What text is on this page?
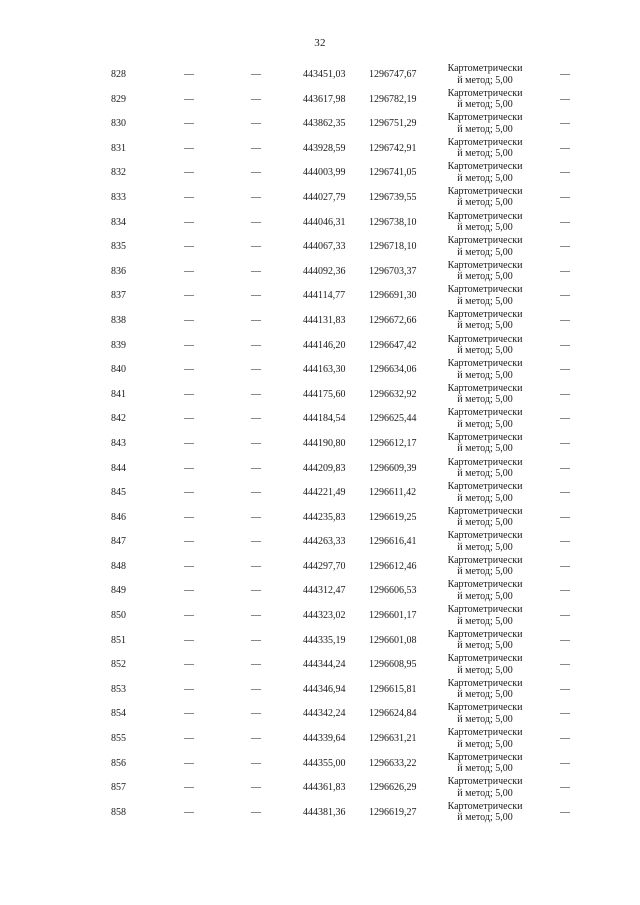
32
828	—	—	443451,03 1296747,67
Картометрически
й метод; 5,00	—
829	—	—	443617,98 1296782,19
Картометрически
й метод; 5,00	—
830	—	—	443862,35 1296751,29
Картометрически
й метод; 5,00	—
831	—	—	443928,59 1296742,91
Картометрически
й метод; 5,00	—
832	—	—	444003,99 1296741,05
Картометрически
й метод; 5,00	—
833	—	—	444027,79 1296739,55
Картометрически
й метод; 5,00	—
834	—	—	444046,31 1296738,10
Картометрически
й метод; 5,00	—
835	—	—	444067,33 1296718,10
Картометрически
й метод; 5,00	—
836	—	—	444092,36 1296703,37
Картометрически
й метод; 5,00	—
837	—	—	444114,77 1296691,30
Картометрически
й метод; 5,00	—
838	—	—	444131,83 1296672,66
Картометрически
й метод; 5,00	—
839	—	—	444146,20 1296647,42
Картометрически
й метод; 5,00	—
840	—	—	444163,30 1296634,06
Картометрически
й метод; 5,00	—
841	—	—	444175,60 1296632,92
Картометрически
й метод; 5,00	—
842	—	—	444184,54 1296625,44
Картометрически
й метод; 5,00	—
843	—	—	444190,80 1296612,17
Картометрически
й метод; 5,00	—
844	—	—	444209,83 1296609,39
Картометрически
й метод; 5,00	—
845	—	—	444221,49 1296611,42
Картометрически
й метод; 5,00	—
846	—	—	444235,83 1296619,25
Картометрически
й метод; 5,00	—
847	—	—	444263,33 1296616,41
Картометрически
й метод; 5,00	—
848	—	—	444297,70 1296612,46
Картометрически
й метод; 5,00	—
849	—	—	444312,47 1296606,53
Картометрически
й метод; 5,00	—
850	—	—	444323,02 1296601,17
Картометрически
й метод; 5,00	—
851	—	—	444335,19 1296601,08
Картометрически
й метод; 5,00	—
852	—	—	444344,24 1296608,95
Картометрически
й метод; 5,00	—
853	—	—	444346,94 1296615,81
Картометрически
й метод; 5,00	—
854	—	—	444342,24 1296624,84
Картометрически
й метод; 5,00	—
855	—	—	444339,64 1296631,21
Картометрически
й метод; 5,00	—
856	—	—	444355,00 1296633,22
Картометрически
й метод; 5,00	—
857	—	—	444361,83 1296626,29
Картометрически
й метод; 5,00	—
858	—	—	444381,36 1296619,27
Картометрически
й метод; 5,00	—
